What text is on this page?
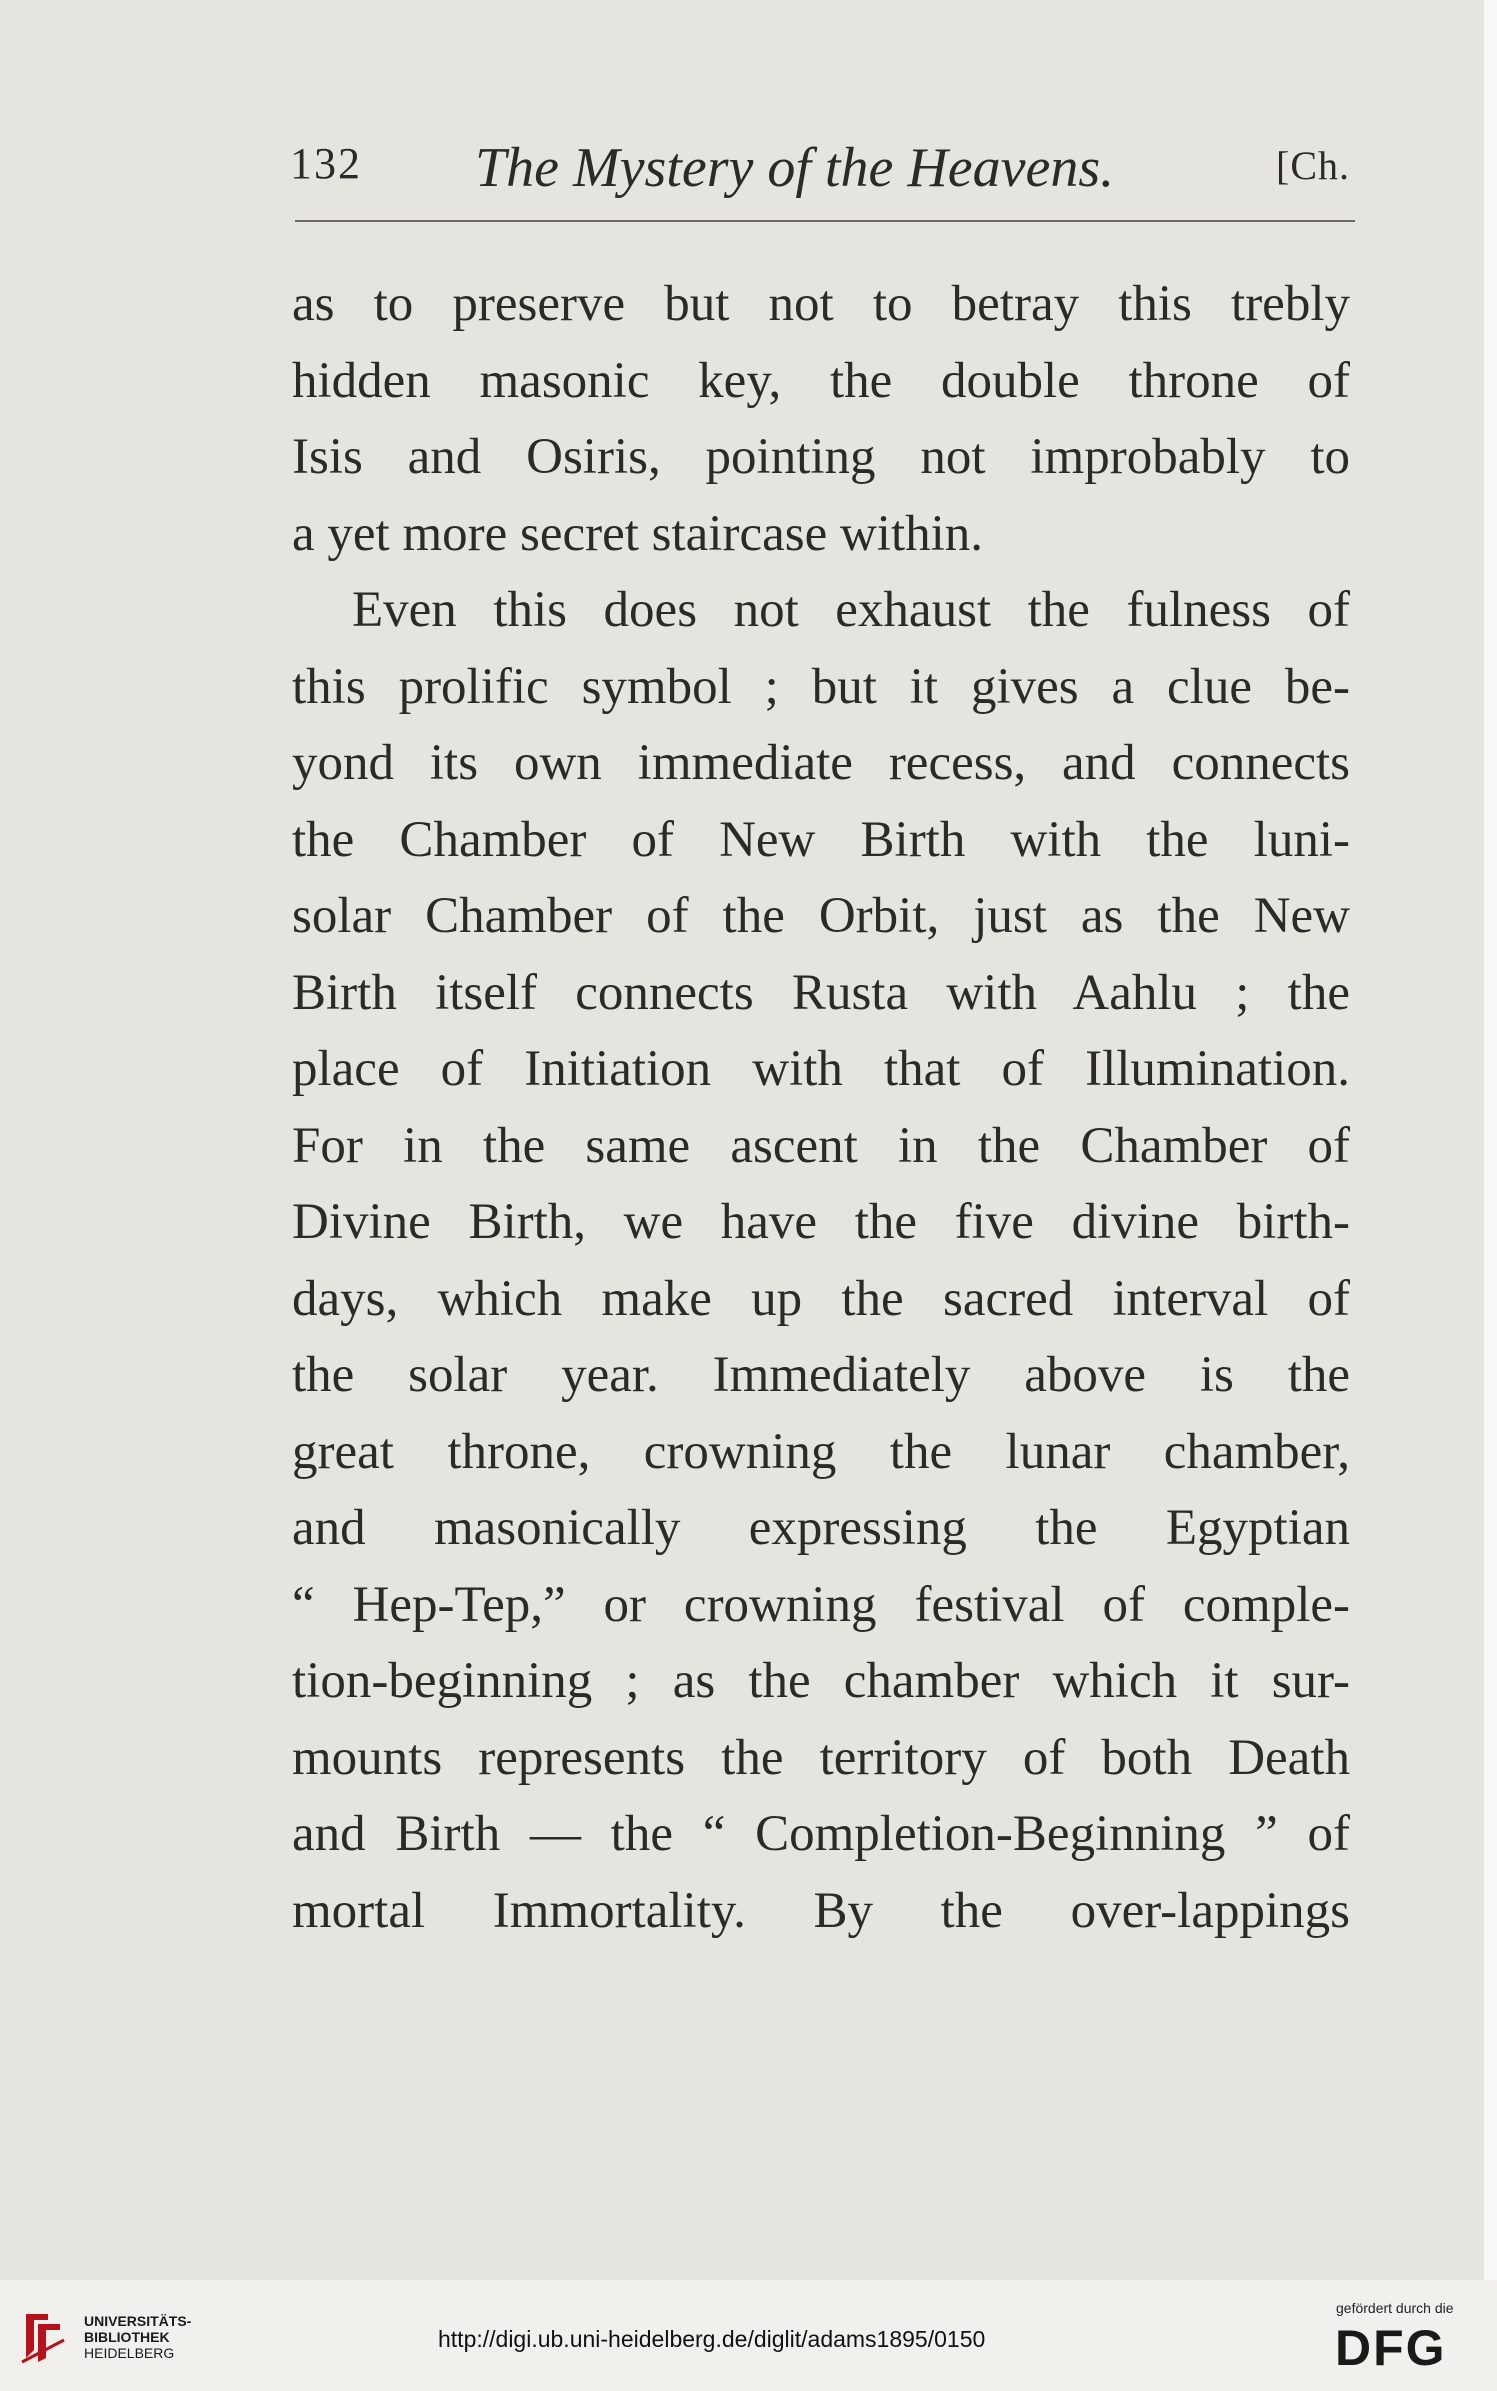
132 The Mystery of the Heavens.	[Ch.
as to preserve but not to betray this trebly
hidden masonic key, the double throne of
Isis and Osiris, pointing not improbably to
a yet more secret staircase within.
Even this does not exhaust the fulness of
this prolific symbol ; but it gives a clue be-
yond its own immediate recess, and connects
the Chamber of New Birth with the luni-
solar Chamber of the Orbit, just as the New
Birth itself connects Rusta with Aahlu ; the
place of Initiation with that of Illumination.
For in the same ascent in the Chamber of
Divine Birth, we have the five divine birth-
days, which make up the sacred interval of
the solar year. Immediately above is the
great throne, crowning the lunar chamber,
and masonically expressing the Egyptian
“ Hep-Tep,” or crowning festival of comple-
tion-beginning ; as the chamber which it sur-
mounts represents the territory of both Death
and Birth — the “ Completion-Beginning ” of
mortal Immortality. By the over-lappings
UNIVERSITÄTS-
BIBLIOTHEK
HEIDELBERG
http://digi.ub.uni-heidelberg.de/diglit/adams1895/0150
gefördert durch die
DFG
